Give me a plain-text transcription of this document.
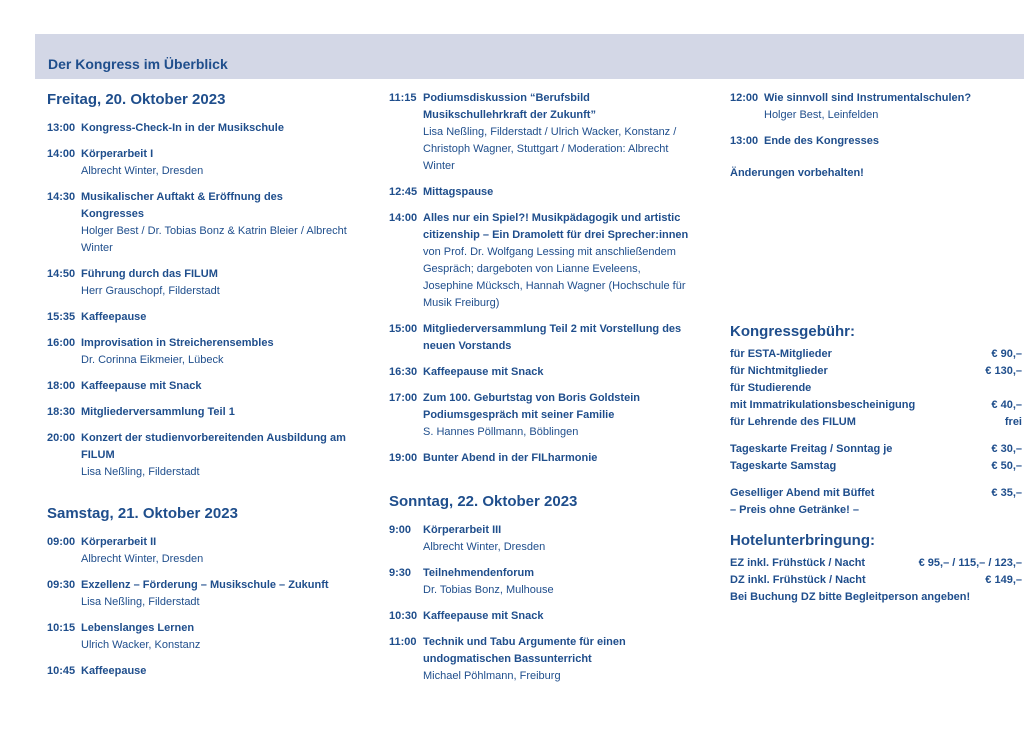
Der Kongress im Überblick
Freitag, 20. Oktober 2023
13:00 Kongress-Check-In in der Musikschule
14:00 Körperarbeit I
Albrecht Winter, Dresden
14:30 Musikalischer Auftakt & Eröffnung des Kongresses
Holger Best / Dr. Tobias Bonz & Katrin Bleier / Albrecht Winter
14:50 Führung durch das FILUM
Herr Grauschopf, Filderstadt
15:35 Kaffeepause
16:00 Improvisation in Streicherensembles
Dr. Corinna Eikmeier, Lübeck
18:00 Kaffeepause mit Snack
18:30 Mitgliederversammlung Teil 1
20:00 Konzert der studienvorbereitenden Ausbildung am FILUM
Lisa Neßling, Filderstadt
Samstag, 21. Oktober 2023
09:00 Körperarbeit II
Albrecht Winter, Dresden
09:30 Exzellenz – Förderung – Musikschule – Zukunft
Lisa Neßling, Filderstadt
10:15 Lebenslanges Lernen
Ulrich Wacker, Konstanz
10:45 Kaffeepause
11:15 Podiumsdiskussion “Berufsbild Musikschullehrkraft der Zukunft”
Lisa Neßling, Filderstadt / Ulrich Wacker, Konstanz / Christoph Wagner, Stuttgart / Moderation: Albrecht Winter
12:45 Mittagspause
14:00 Alles nur ein Spiel?! Musikpädagogik und artistic citizenship – Ein Dramolett für drei Sprecher:innen
von Prof. Dr. Wolfgang Lessing mit anschließendem Gespräch; dargeboten von Lianne Eveleens, Josephine Mücksch, Hannah Wagner (Hochschule für Musik Freiburg)
15:00 Mitgliederversammlung Teil 2 mit Vorstellung des neuen Vorstands
16:30 Kaffeepause mit Snack
17:00 Zum 100. Geburtstag von Boris Goldstein Podiumsgespräch mit seiner Familie
S. Hannes Pöllmann, Böblingen
19:00 Bunter Abend in der FILharmonie
Sonntag, 22. Oktober 2023
9:00	Körperarbeit III
Albrecht Winter, Dresden
9:30	Teilnehmendenforum
Dr. Tobias Bonz, Mulhouse
10:30 Kaffeepause mit Snack
11:00 Technik und Tabu Argumente für einen undogmatischen Bassunterricht
Michael Pöhlmann, Freiburg
12:00 Wie sinnvoll sind Instrumentalschulen?
Holger Best, Leinfelden
13:00 Ende des Kongresses
Änderungen vorbehalten!
Kongressgebühr:
für ESTA-Mitglieder	€ 90,–
für Nichtmitglieder	€ 130,–
für Studierende
mit Immatrikulationsbescheinigung	€ 40,–
für Lehrende des FILUM	frei
Tageskarte Freitag / Sonntag je	€ 30,–
Tageskarte Samstag	€ 50,–
Geselliger Abend mit Büffet	€ 35,–
– Preis ohne Getränke! –
Hotelunterbringung:
EZ inkl. Frühstück / Nacht	€ 95,– / 115,– / 123,–
DZ inkl. Frühstück / Nacht	€ 149,–
Bei Buchung DZ bitte Begleitperson angeben!
